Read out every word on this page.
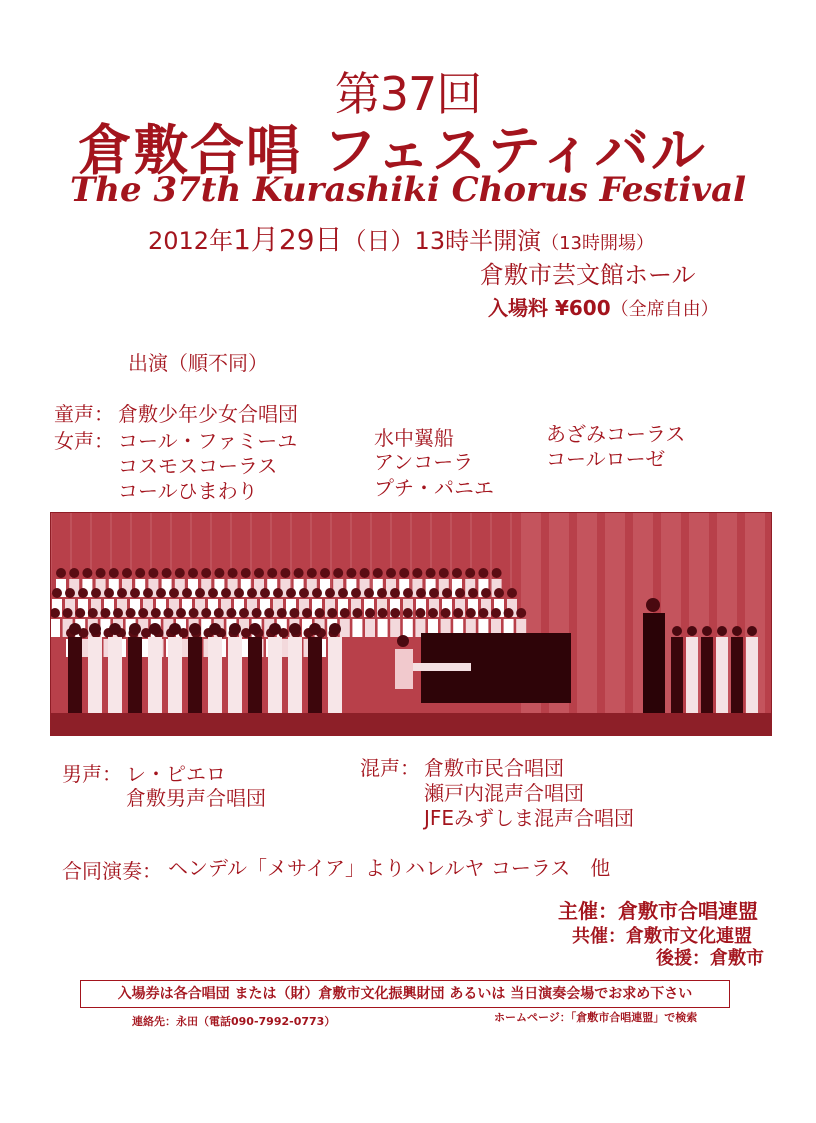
第37回
倉敷合唱 フェスティバル
The 37th Kurashiki Chorus Festival
2012年1月29日（日）13時半開演（13時開場）
倉敷市芸文館ホール
入場料 ¥600（全席自由）
出演（順不同）
童声： 倉敷少年少女合唱団
女声： コール・ファミーユ
コスモスコーラス
コールひまわり
水中翼船
アンコーラ
プチ・パニエ
あざみコーラス
コールローゼ
男声： レ・ピエロ
倉敷男声合唱団
混声： 倉敷市民合唱団
瀬戸内混声合唱団
JFEみずしま混声合唱団
合同演奏： ヘンデル「メサイア」よりハレルヤ コーラス　他
主催：倉敷市合唱連盟
共催：倉敷市文化連盟
後援：倉敷市
入場券は各合唱団 または（財）倉敷市文化振興財団 あるいは 当日演奏会場でお求め下さい
連絡先：永田（電話090-7992-0773）	ホームページ：「倉敷市合唱連盟」で検索
